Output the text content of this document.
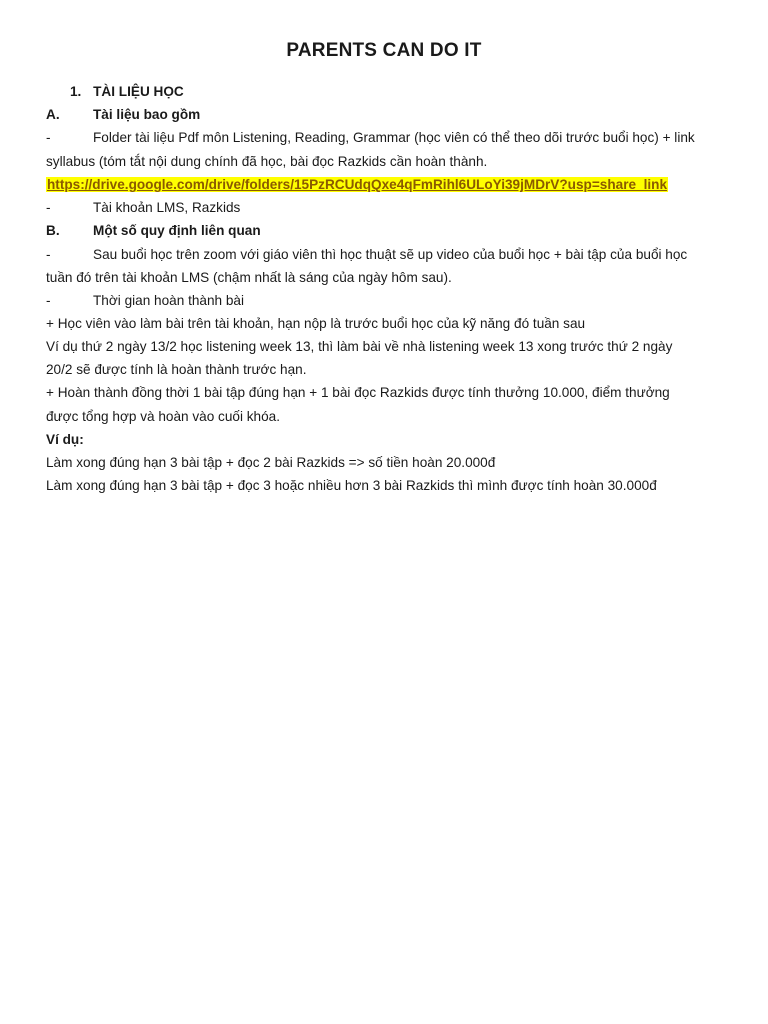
PARENTS CAN DO IT
1. TÀI LIỆU HỌC
A. Tài liệu bao gồm
-	Folder tài liệu Pdf môn Listening, Reading, Grammar (học viên có thể theo dõi trước buổi học) + link
syllabus (tóm tắt nội dung chính đã học, bài đọc Razkids cần hoàn thành.
https://drive.google.com/drive/folders/15PzRCUdqQxe4qFmRihl6ULoYi39jMDrV?usp=share_link
-	Tài khoản LMS, Razkids
B. Một số quy định liên quan
-	Sau buổi học trên zoom với giáo viên thì học thuật sẽ up video của buổi học + bài tập của buổi học
tuần đó trên tài khoản LMS (chậm nhất là sáng của ngày hôm sau).
-	Thời gian hoàn thành bài
+ Học viên vào làm bài trên tài khoản, hạn nộp là trước buổi học của kỹ năng đó tuần sau
Ví dụ thứ 2 ngày 13/2 học listening week 13, thì làm bài về nhà listening week 13 xong trước thứ 2 ngày
20/2 sẽ được tính là hoàn thành trước hạn.
+ Hoàn thành đồng thời 1 bài tập đúng hạn + 1 bài đọc Razkids được tính thưởng 10.000, điểm thưởng
được tổng hợp và hoàn vào cuối khóa.
Ví dụ:
Làm xong đúng hạn 3 bài tập + đọc 2 bài Razkids => số tiền hoàn 20.000đ
Làm xong đúng hạn 3 bài tập + đọc 3 hoặc nhiều hơn 3 bài Razkids thì mình được tính hoàn 30.000đ
